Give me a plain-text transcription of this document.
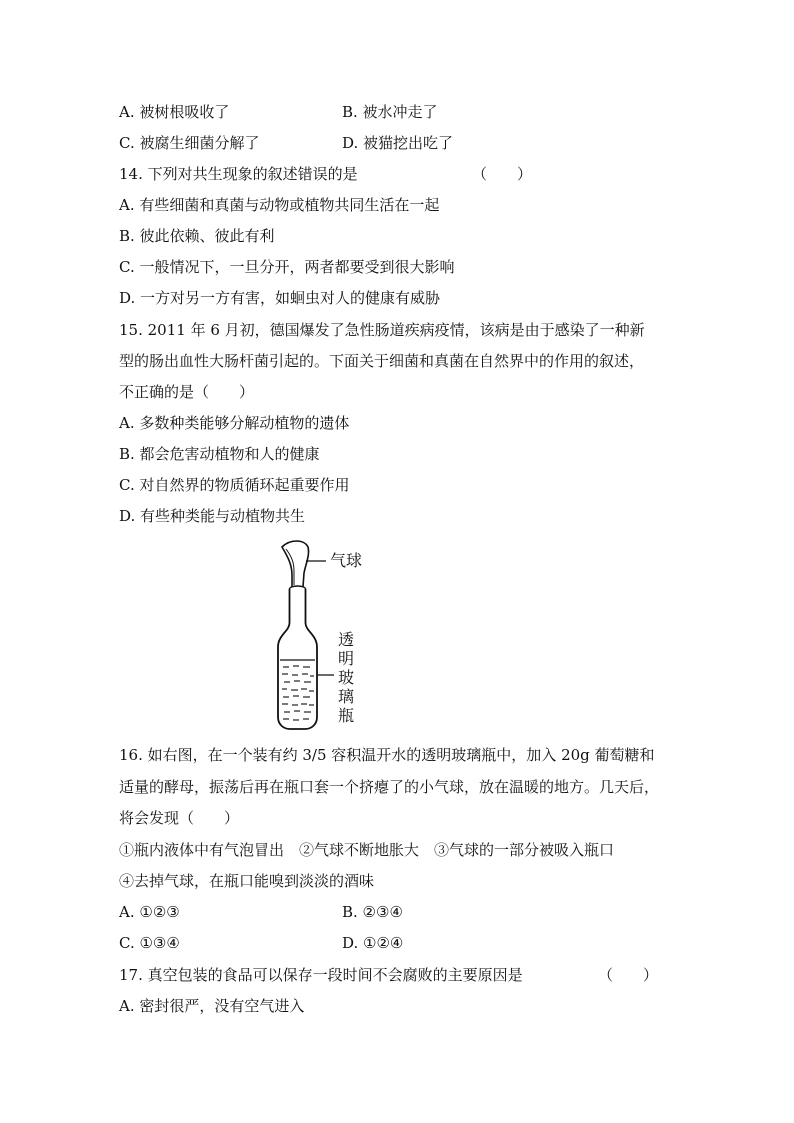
A. 被树根吸收了	B. 被水冲走了
C. 被腐生细菌分解了	D. 被猫挖出吃了
14. 下列对共生现象的叙述错误的是	（　　）
A. 有些细菌和真菌与动物或植物共同生活在一起
B. 彼此依赖、彼此有利
C. 一般情况下，一旦分开，两者都要受到很大影响
D. 一方对另一方有害，如蛔虫对人的健康有威胁
15. 2011 年 6 月初，德国爆发了急性肠道疾病疫情，该病是由于感染了一种新
型的肠出血性大肠杆菌引起的。下面关于细菌和真菌在自然界中的作用的叙述，
不正确的是（　　）
A. 多数种类能够分解动植物的遗体
B. 都会危害动植物和人的健康
C. 对自然界的物质循环起重要作用
D. 有些种类能与动植物共生
气球
透
明
玻
璃
瓶
16. 如右图，在一个装有约 3/5 容积温开水的透明玻璃瓶中，加入 20g 葡萄糖和
适量的酵母，振荡后再在瓶口套一个挤瘪了的小气球，放在温暖的地方。几天后，
将会发现（　　）
①瓶内液体中有气泡冒出　②气球不断地胀大　③气球的一部分被吸入瓶口
④去掉气球，在瓶口能嗅到淡淡的酒味
A. ①②③	B. ②③④
C. ①③④	D. ①②④
17. 真空包装的食品可以保存一段时间不会腐败的主要原因是	（　　）
A. 密封很严，没有空气进入
